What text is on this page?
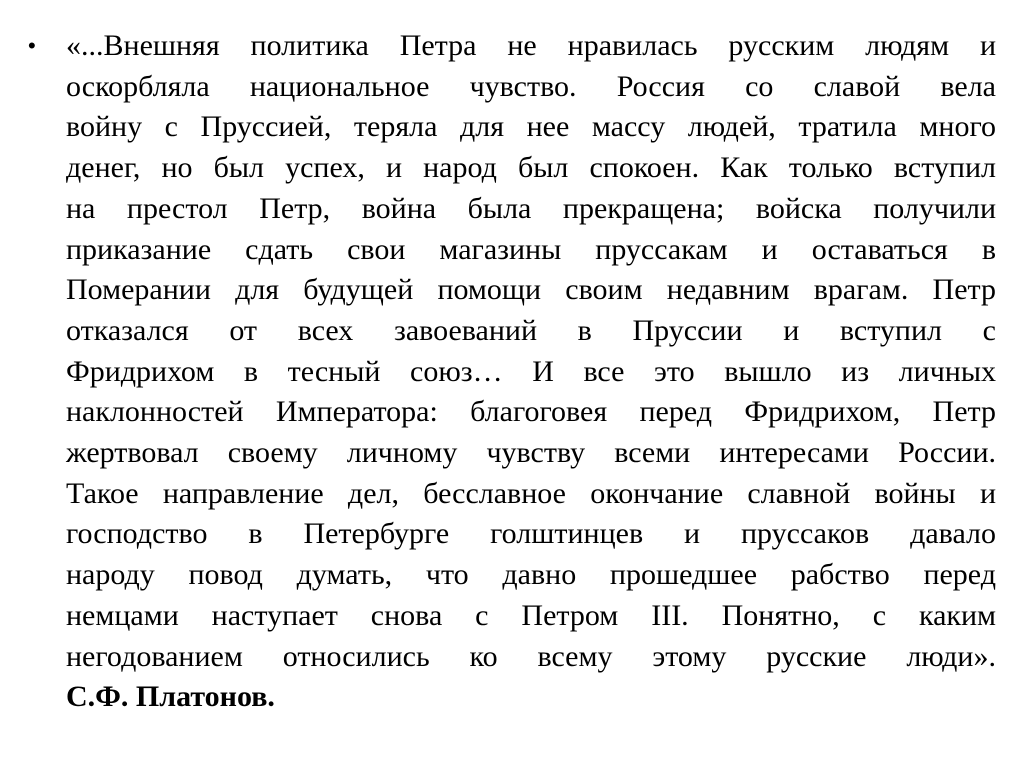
• «...Внешняя политика Петра не нравилась русским людям и
оскорбляла национальное чувство. Россия со славой вела
войну с Пруссией, теряла для нее массу людей, тратила много
денег, но был успех, и народ был спокоен. Как только вступил
на престол Петр, война была прекращена; войска получили
приказание сдать свои магазины пруссакам и оставаться в
Померании для будущей помощи своим недавним врагам. Петр
отказался от всех завоеваний в Пруссии и вступил с
Фридрихом в тесный союз… И все это вышло из личных
наклонностей Императора: благоговея перед Фридрихом, Петр
жертвовал своему личному чувству всеми интересами России.
Такое направление дел, бесславное окончание славной войны и
господство в Петербурге голштинцев и пруссаков давало
народу повод думать, что давно прошедшее рабство перед
немцами наступает снова с Петром III. Понятно, с каким
негодованием относились ко всему этому русские люди».
С.Ф. Платонов.
